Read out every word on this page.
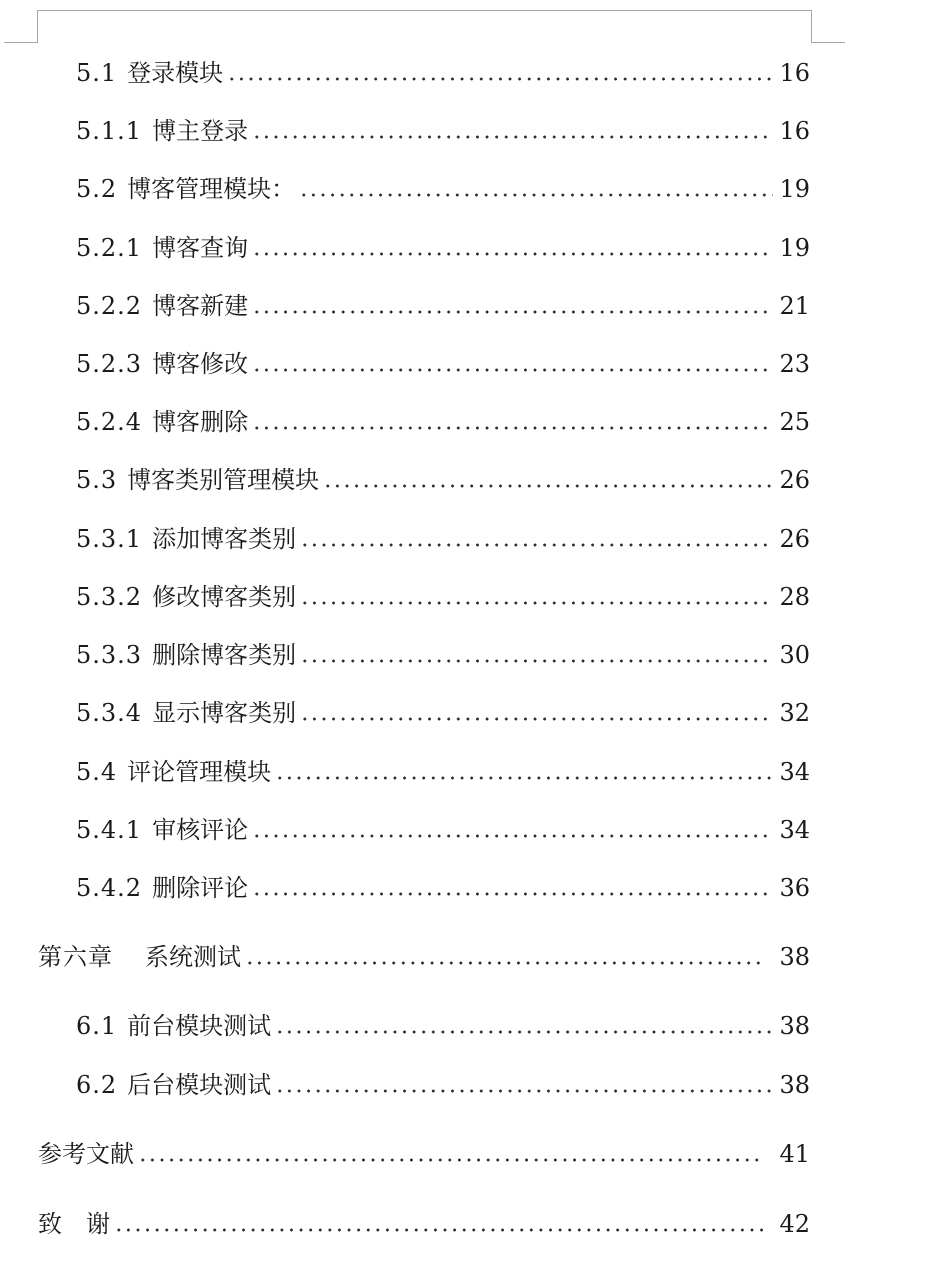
5.1 登录模块	16
5.1.1 博主登录	16
5.2 博客管理模块：	19
5.2.1 博客查询	19
5.2.2 博客新建	21
5.2.3 博客修改	23
5.2.4 博客删除	25
5.3 博客类别管理模块	26
5.3.1 添加博客类别	26
5.3.2 修改博客类别	28
5.3.3 删除博客类别	30
5.3.4 显示博客类别	32
5.4 评论管理模块	34
5.4.1 审核评论	34
5.4.2 删除评论	36
第六章 系统测试	38
6.1 前台模块测试	38
6.2 后台模块测试	38
参考文献	41
致　谢	42
